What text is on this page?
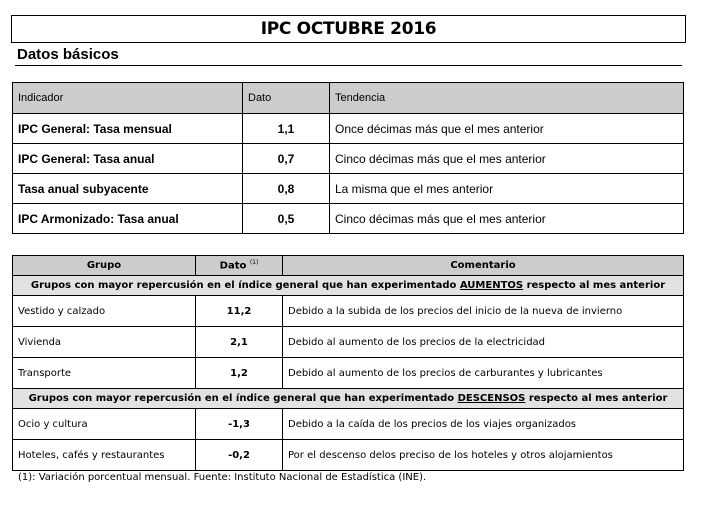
IPC OCTUBRE 2016
Datos básicos
Indicador	Dato	Tendencia
IPC General: Tasa mensual	1,1	Once décimas más que el mes anterior
IPC General: Tasa anual	0,7	Cinco décimas más que el mes anterior
Tasa anual subyacente	0,8	La misma que el mes anterior
IPC Armonizado: Tasa anual	0,5	Cinco décimas más que el mes anterior
Grupo	Dato $^{(1)}$	Comentario
Grupos con mayor repercusión en el índice general que han experimentado AUMENTOS respecto al mes anterior		
Vestido y calzado	11,2	Debido a la subida de los precios del inicio de la nueva de invierno
Vivienda	2,1	Debido al aumento de los precios de la electricidad
Transporte	1,2	Debido al aumento de los precios de carburantes y lubricantes
Grupos con mayor repercusión en el índice general que han experimentado DESCENSOS respecto al mes anterior		
Ocio y cultura	-1,3	Debido a la caída de los precios de los viajes organizados
Hoteles, cafés y restaurantes	-0,2	Por el descenso delos preciso de los hoteles y otros alojamientos
(1): Variación porcentual mensual. Fuente: Instituto Nacional de Estadística (INE).
